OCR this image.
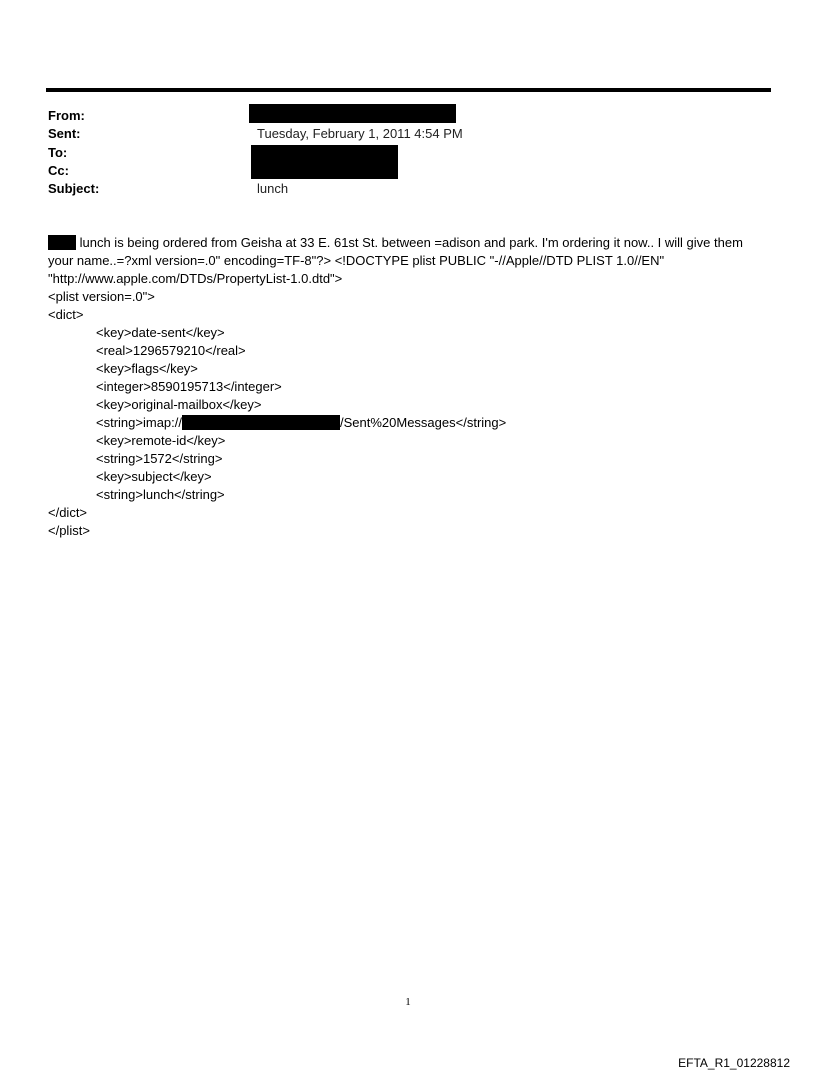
From:
Sent:
To:
Cc:
Subject:
Tuesday, February 1, 2011 4:54 PM
lunch
lunch is being ordered from Geisha at 33 E. 61st St. between =adison and park. I'm ordering it now.. I will give them
your name..=?xml version=.0" encoding=TF-8"?> <!DOCTYPE plist PUBLIC "-//Apple//DTD PLIST 1.0//EN"
"http://www.apple.com/DTDs/PropertyList-1.0.dtd">
<plist version=.0">
<dict>
<key>date-sent</key>
<real>1296579210</real>
<key>flags</key>
<integer>8590195713</integer>
<key>original-mailbox</key>
<string>imap://	/Sent%20Messages</string>
<key>remote-id</key>
<string>1572</string>
<key>subject</key>
<string>lunch</string>
</dict>
</plist>
1
EFTA_R1_01228812
